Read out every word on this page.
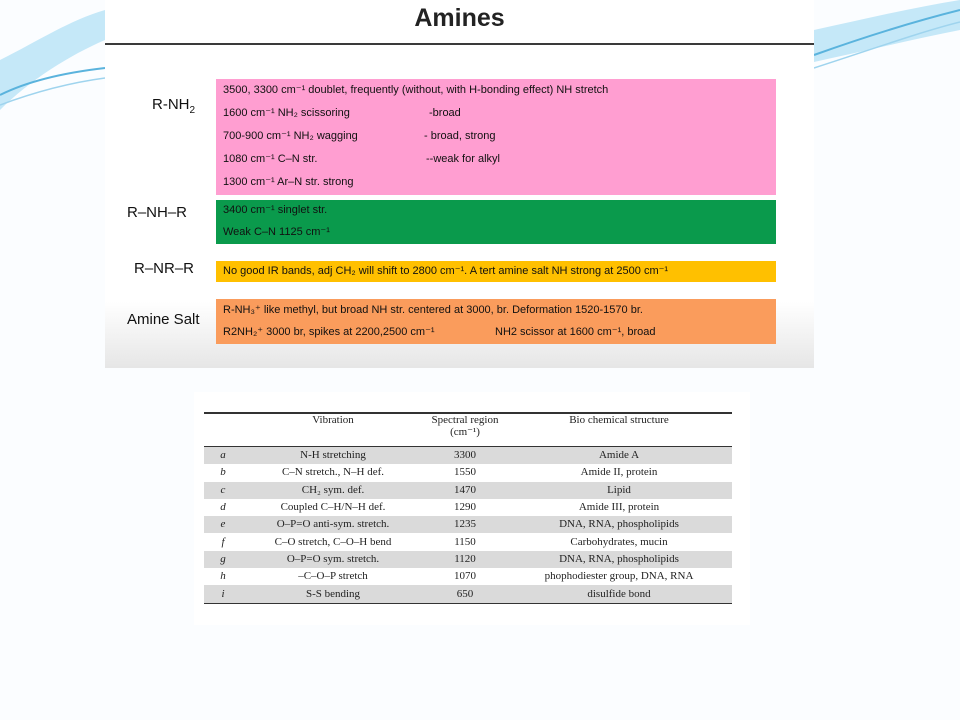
Amines
$R-NH_2$
R–NH–R
R–NR–R
Amine Salt
3500, 3300 cm⁻¹ doublet, frequently (without, with H-bonding effect) NH stretch
1600 cm⁻¹ NH₂ scissoring	-broad
700-900 cm⁻¹ NH₂ wagging	- broad, strong
1080 cm⁻¹ C–N str.	--weak for alkyl
1300 cm⁻¹ Ar–N str. strong
3400 cm⁻¹ singlet str.
Weak C–N 1125 cm⁻¹
No good IR bands, adj CH₂ will shift to 2800 cm⁻¹. A tert amine salt NH strong at 2500 cm⁻¹
R-NH₃⁺ like methyl, but broad NH str. centered at 3000, br. Deformation 1520-1570 br.
R2NH₂⁺ 3000 br, spikes at 2200,2500 cm⁻¹	NH2 scissor at 1600 cm⁻¹, broad
	Vibration	Spectral region (cm⁻¹)	Bio chemical structure
a	N-H stretching	3300	Amide A
b	C–N stretch., N–H def.	1550	Amide II, protein
c	CH₂ sym. def.	1470	Lipid
d	Coupled C–H/N–H def.	1290	Amide III, protein
e	O–P=O anti-sym. stretch.	1235	DNA, RNA, phospholipids
f	C–O stretch, C–O–H bend	1150	Carbohydrates, mucin
g	O–P=O sym. stretch.	1120	DNA, RNA, phospholipids
h	–C–O–P stretch	1070	phophodiester group, DNA, RNA
i	S-S bending	650	disulfide bond
